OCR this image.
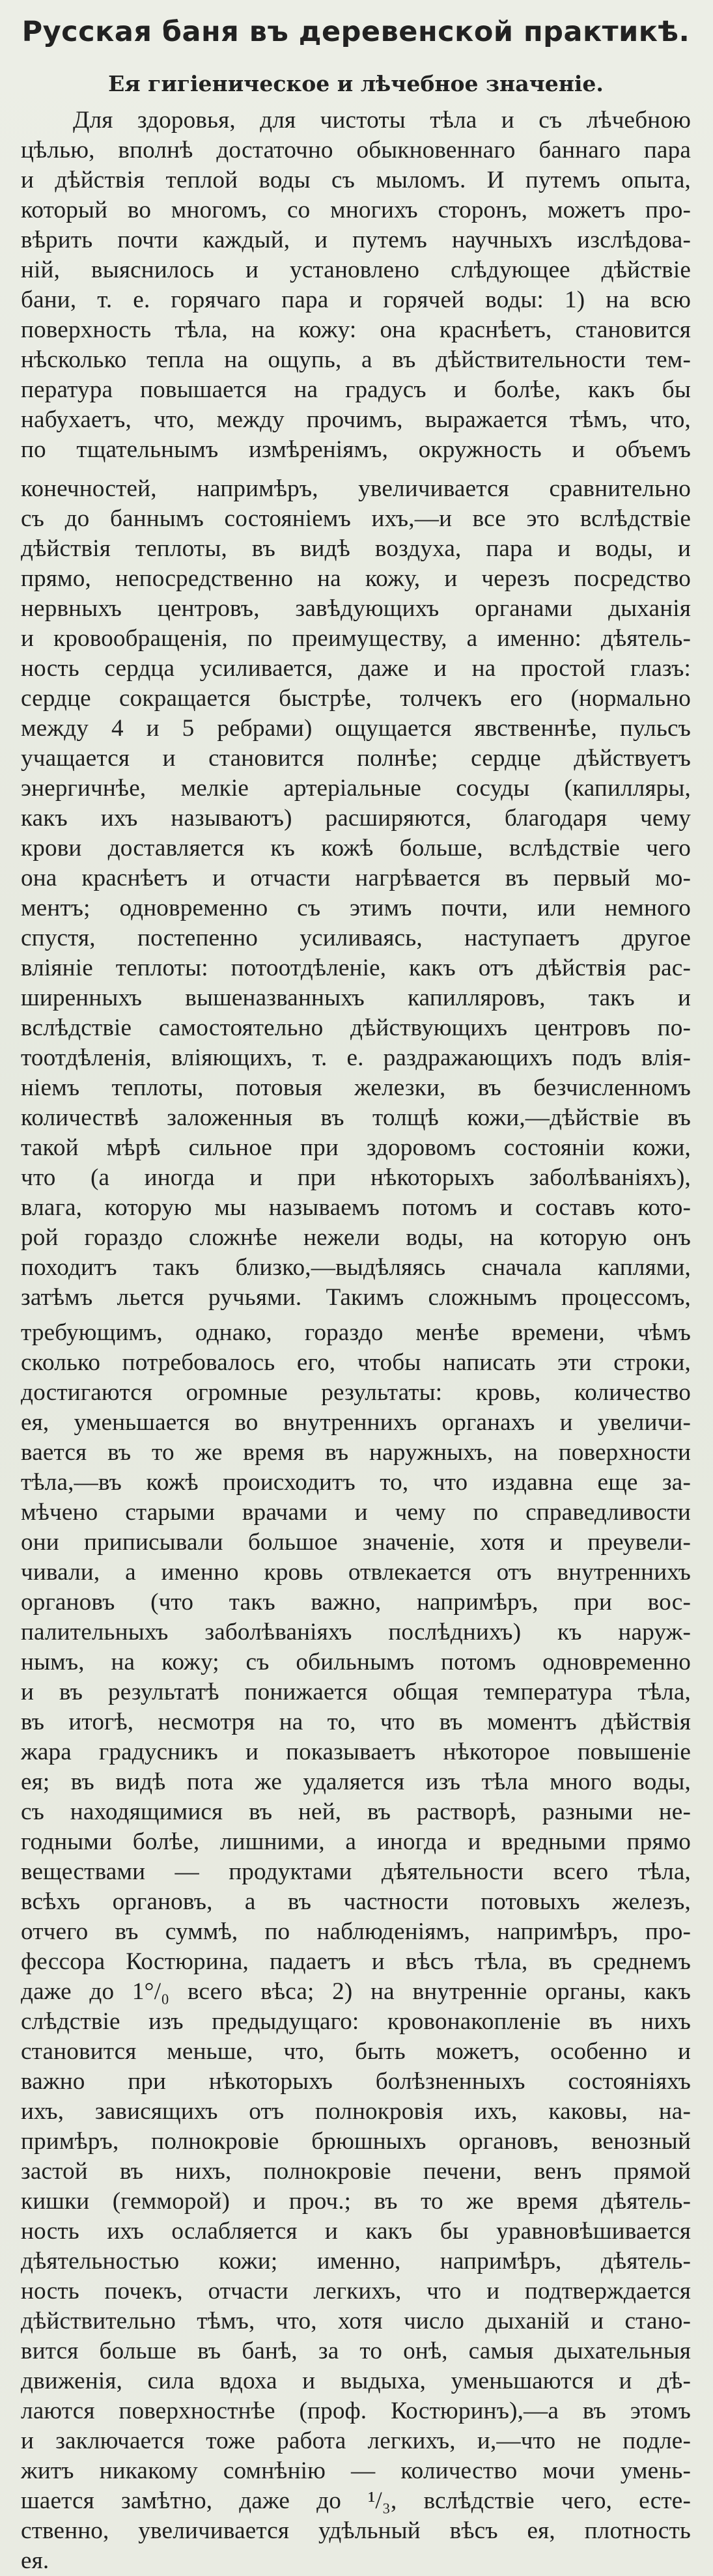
Русская баня въ деревенской практикѣ.
Ея гигіеническое и лѣчебное значеніе.
Для здоровья, для чистоты тѣла и съ лѣчебною
цѣлью, вполнѣ достаточно обыкновеннаго баннаго пара
и дѣйствія теплой воды съ мыломъ. И путемъ опыта,
который во многомъ, со многихъ сторонъ, можетъ про-
вѣрить почти каждый, и путемъ научныхъ изслѣдова-
ній, выяснилось и установлено слѣдующее дѣйствіе
бани, т. е. горячаго пара и горячей воды: 1) на всю
поверхность тѣла, на кожу: она краснѣетъ, становится
нѣсколько тепла на ощупь, а въ дѣйствительности тем-
пература повышается на градусъ и болѣе, какъ бы
набухаетъ, что, между прочимъ, выражается тѣмъ, что,
по тщательнымъ измѣреніямъ, окружность и объемъ
конечностей, напримѣръ, увеличивается сравнительно
съ до баннымъ состояніемъ ихъ,—и все это вслѣдствіе
дѣйствія теплоты, въ видѣ воздуха, пара и воды, и
прямо, непосредственно на кожу, и черезъ посредство
нервныхъ центровъ, завѣдующихъ органами дыханія
и кровообращенія, по преимуществу, а именно: дѣятель-
ность сердца усиливается, даже и на простой глазъ:
сердце сокращается быстрѣе, толчекъ его (нормально
между 4 и 5 ребрами) ощущается явственнѣе, пульсъ
учащается и становится полнѣе; сердце дѣйствуетъ
энергичнѣе, мелкіе артеріальные сосуды (капилляры,
какъ ихъ называютъ) расширяются, благодаря чему
крови доставляется къ кожѣ больше, вслѣдствіе чего
она краснѣетъ и отчасти нагрѣвается въ первый мо-
ментъ; одновременно съ этимъ почти, или немного
спустя, постепенно усиливаясь, наступаетъ другое
вліяніе теплоты: потоотдѣленіе, какъ отъ дѣйствія рас-
ширенныхъ вышеназванныхъ капилляровъ, такъ и
вслѣдствіе самостоятельно дѣйствующихъ центровъ по-
тоотдѣленія, вліяющихъ, т. е. раздражающихъ подъ влія-
ніемъ теплоты, потовыя железки, въ безчисленномъ
количествѣ заложенныя въ толщѣ кожи,—дѣйствіе въ
такой мѣрѣ сильное при здоровомъ состояніи кожи,
что (а иногда и при нѣкоторыхъ заболѣваніяхъ),
влага, которую мы называемъ потомъ и составъ кото-
рой гораздо сложнѣе нежели воды, на которую онъ
походитъ такъ близко,—выдѣляясь сначала каплями,
затѣмъ льется ручьями. Такимъ сложнымъ процессомъ,
требующимъ, однако, гораздо менѣе времени, чѣмъ
сколько потребовалось его, чтобы написать эти строки,
достигаются огромные результаты: кровь, количество
ея, уменьшается во внутреннихъ органахъ и увеличи-
вается въ то же время въ наружныхъ, на поверхности
тѣла,—въ кожѣ происходитъ то, что издавна еще за-
мѣчено старыми врачами и чему по справедливости
они приписывали большое значеніе, хотя и преувели-
чивали, а именно кровь отвлекается отъ внутреннихъ
органовъ (что такъ важно, напримѣръ, при вос-
палительныхъ заболѣваніяхъ послѣднихъ) къ наруж-
нымъ, на кожу; съ обильнымъ потомъ одновременно
и въ результатѣ понижается общая температура тѣла,
въ итогѣ, несмотря на то, что въ моментъ дѣйствія
жара градусникъ и показываетъ нѣкоторое повышеніе
ея; въ видѣ пота же удаляется изъ тѣла много воды,
съ находящимися въ ней, въ растворѣ, разными не-
годными болѣе, лишними, а иногда и вредными прямо
веществами — продуктами дѣятельности всего тѣла,
всѣхъ органовъ, а въ частности потовыхъ железъ,
отчего въ суммѣ, по наблюденіямъ, напримѣръ, про-
фессора Костюрина, падаетъ и вѣсъ тѣла, въ среднемъ
даже до 1°/₀ всего вѣса; 2) на внутренніе органы, какъ
слѣдствіе изъ предыдущаго: кровонакопленіе въ нихъ
становится меньше, что, быть можетъ, особенно и
важно при нѣкоторыхъ болѣзненныхъ состояніяхъ
ихъ, зависящихъ отъ полнокровія ихъ, каковы, на-
примѣръ, полнокровіе брюшныхъ органовъ, венозный
застой въ нихъ, полнокровіе печени, венъ прямой
кишки (гемморой) и проч.; въ то же время дѣятель-
ность ихъ ослабляется и какъ бы уравновѣшивается
дѣятельностью кожи; именно, напримѣръ, дѣятель-
ность почекъ, отчасти легкихъ, что и подтверждается
дѣйствительно тѣмъ, что, хотя число дыханій и стано-
вится больше въ банѣ, за то онѣ, самыя дыхательныя
движенія, сила вдоха и выдыха, уменьшаются и дѣ-
лаются поверхностнѣе (проф. Костюринъ),—а въ этомъ
и заключается тоже работа легкихъ, и,—что не подле-
житъ никакому сомнѣнію — количество мочи умень-
шается замѣтно, даже до ¹/₃, вслѣдствіе чего, есте-
ственно, увеличивается удѣльный вѣсъ ея, плотность
ея.
